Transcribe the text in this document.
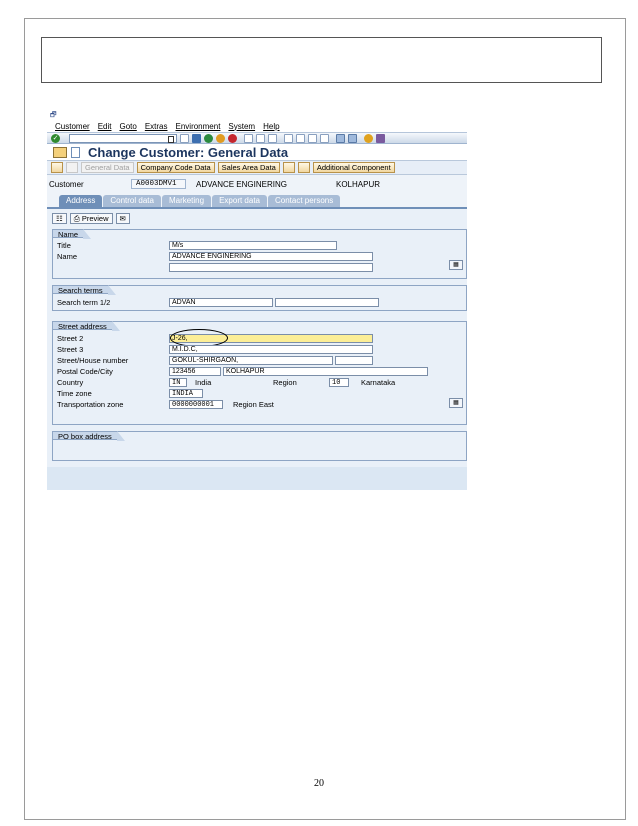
🗗
Customer Edit Goto Extras Environment System Help
✓
Change Customer: General Data
General Data	Company Code Data	Sales Area Data	Additional Component
Customer	A0003DMV1	ADVANCE ENGINERING	KOLHAPUR
Address	Control data	Marketing	Export data	Contact persons
☷	⎙ Preview	✉
Name
Title	M/s
Name	ADVANCE ENGINERING
▦
Search terms
Search term 1/2	ADVAN
Street address
Street 2	J-26,
Street 3	M.I.D.C,
Street/House number	GOKUL-SHIRGAON,
Postal Code/City	123456	KOLHAPUR
Country	IN	India	Region	10	Karnataka
Time zone	INDIA
Transportation zone	0000000001	Region East	▦
PO box address
20
